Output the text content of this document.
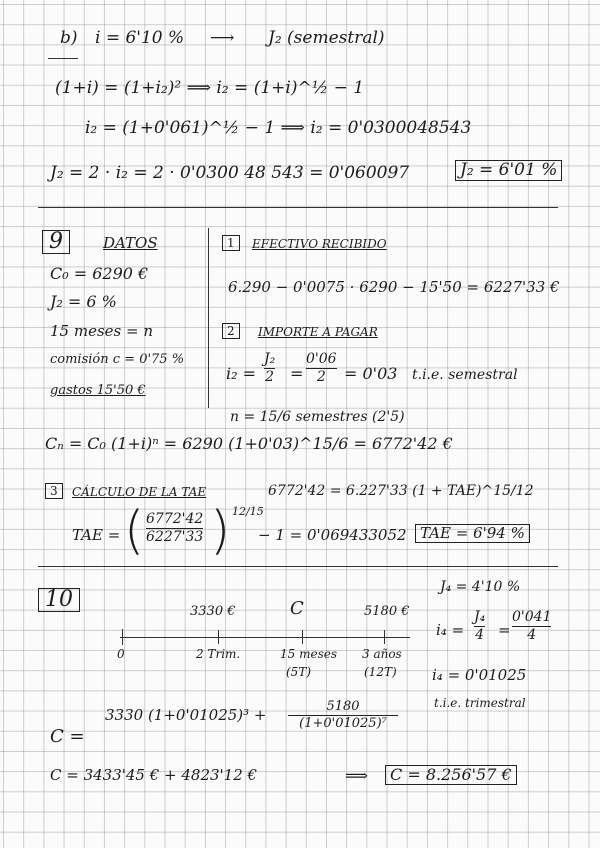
b) i = 6'10 % ⟶ J₂ (semestral)
(1+i) = (1+i₂)² ⟹ i₂ = (1+i)^½ − 1
i₂ = (1+0'061)^½ − 1 ⟹ i₂ = 0'0300048543
J₂ = 2 · i₂ = 2 · 0'0300 48 543 = 0'060097	J₂ = 6'01 %
9	DATOS
C₀ = 6290 €
J₂ = 6 %
15 meses = n
comisión c = 0'75 %
gastos 15'50 €
1	EFECTIVO RECIBIDO
6.290 − 0'0075 · 6290 − 15'50 = 6227'33 €
2	IMPORTE A PAGAR
i₂ =
J₂
2 =
0'06
2 = 0'03 t.i.e. semestral
n = 15/6 semestres (2'5)
Cₙ = C₀ (1+i)ⁿ = 6290 (1+0'03)^15/6 = 6772'42 €
3	CÁLCULO DE LA TAE	6772'42 = 6.227'33 (1 + TAE)^15/12
TAE = ( 6772'42
6227'33 ) 12/15
− 1 = 0'069433052 TAE = 6'94 %
10	3330 €	C	5180 €
0	2 Trim.	15 meses
(5T)
3 años
(12T)
J₄ = 4'10 %
i₄ =
J₄
4 =
0'041
4
i₄ = 0'01025
t.i.e. trimestral
C =
3330 (1+0'01025)³ +	5180
(1+0'01025)⁷
C = 3433'45 € + 4823'12 €	⟹	C = 8.256'57 €
